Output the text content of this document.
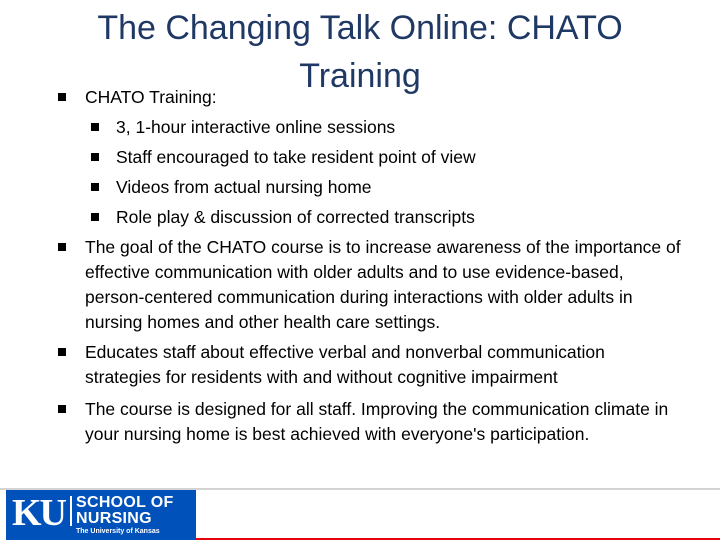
The Changing Talk Online: CHATO Training
CHATO Training:
3, 1-hour interactive online sessions
Staff encouraged to take resident point of view
Videos from actual nursing home
Role play & discussion of corrected transcripts
The goal of the CHATO course is to increase awareness of the importance of effective communication with older adults and to use evidence-based, person-centered communication during interactions with older adults in nursing homes and other health care settings.
Educates staff about effective verbal and nonverbal communication strategies for residents with and without cognitive impairment
The course is designed for all staff. Improving the communication climate in your nursing home is best achieved with everyone's participation.
KU SCHOOL OF
NURSING
The University of Kansas
